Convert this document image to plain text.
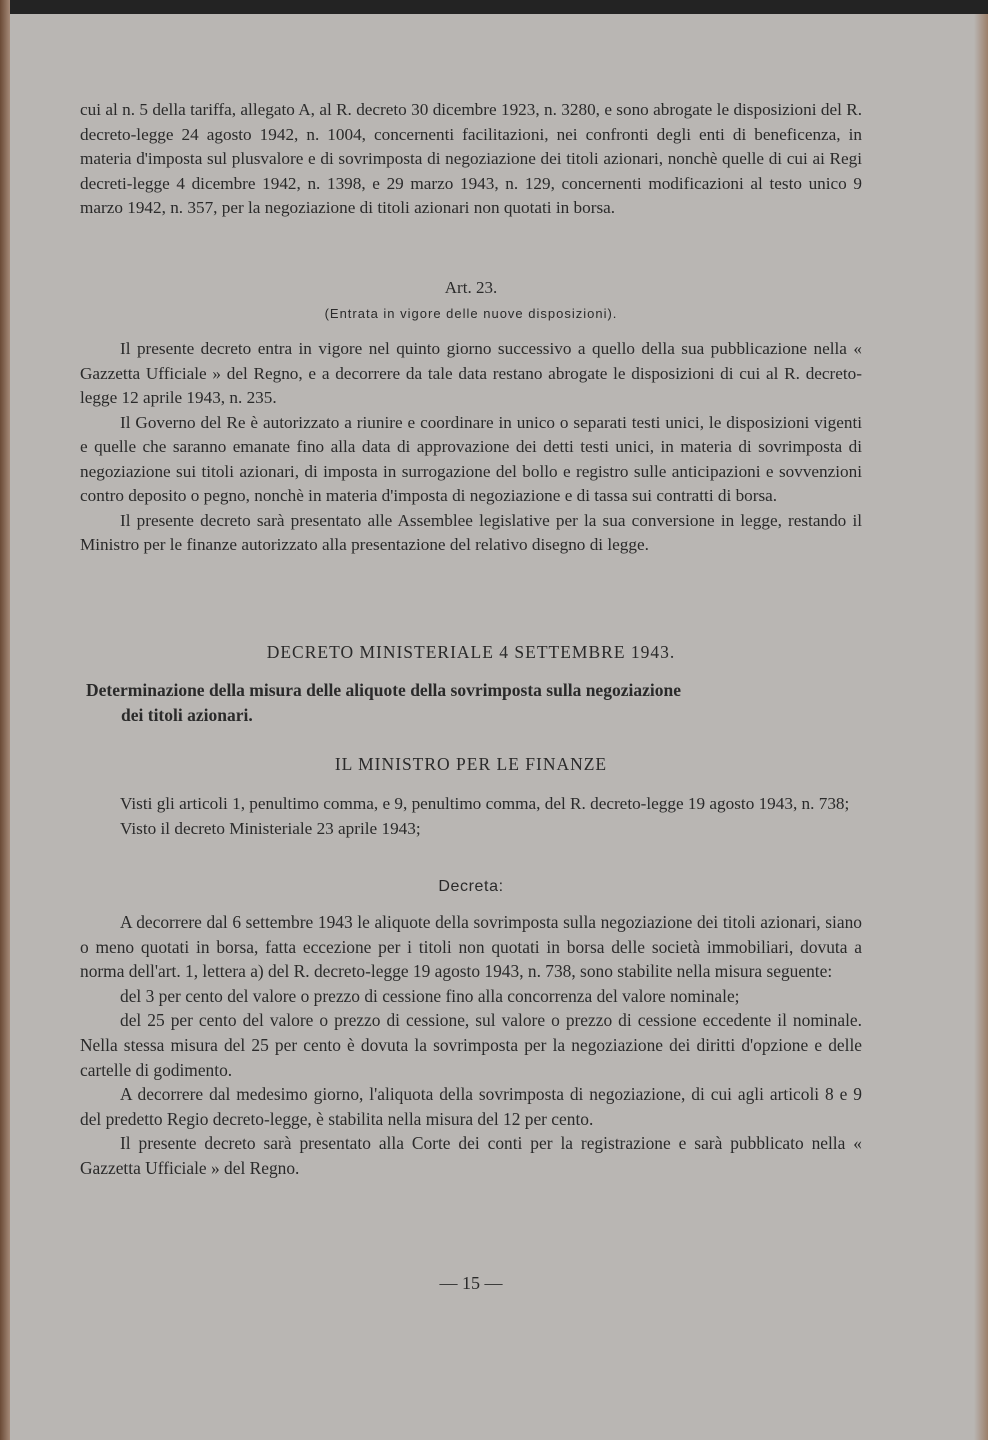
cui al n. 5 della tariffa, allegato A, al R. decreto 30 dicembre 1923, n. 3280, e sono abrogate le disposizioni del R. decreto-legge 24 agosto 1942, n. 1004, concernenti facilitazioni, nei confronti degli enti di beneficenza, in materia d'imposta sul plusvalore e di sovrimposta di negoziazione dei titoli azionari, nonchè quelle di cui ai Regi decreti-legge 4 dicembre 1942, n. 1398, e 29 marzo 1943, n. 129, concernenti modificazioni al testo unico 9 marzo 1942, n. 357, per la negoziazione di titoli azionari non quotati in borsa.

Art. 23.
(Entrata in vigore delle nuove disposizioni).

Il presente decreto entra in vigore nel quinto giorno successivo a quello della sua pubblicazione nella « Gazzetta Ufficiale » del Regno, e a decorrere da tale data restano abrogate le disposizioni di cui al R. decreto-legge 12 aprile 1943, n. 235.

Il Governo del Re è autorizzato a riunire e coordinare in unico o separati testi unici, le disposizioni vigenti e quelle che saranno emanate fino alla data di approvazione dei detti testi unici, in materia di sovrimposta di negoziazione sui titoli azionari, di imposta in surrogazione del bollo e registro sulle anticipazioni e sovvenzioni contro deposito o pegno, nonchè in materia d'imposta di negoziazione e di tassa sui contratti di borsa.

Il presente decreto sarà presentato alle Assemblee legislative per la sua conversione in legge, restando il Ministro per le finanze autorizzato alla presentazione del relativo disegno di legge.

DECRETO MINISTERIALE 4 SETTEMBRE 1943.
Determinazione della misura delle aliquote della sovrimposta sulla negoziazione
dei titoli azionari.
IL MINISTRO PER LE FINANZE

Visti gli articoli 1, penultimo comma, e 9, penultimo comma, del R. decreto-legge 19 agosto 1943, n. 738;

Visto il decreto Ministeriale 23 aprile 1943;

Decreta:

A decorrere dal 6 settembre 1943 le aliquote della sovrimposta sulla negoziazione dei titoli azionari, siano o meno quotati in borsa, fatta eccezione per i titoli non quotati in borsa delle società immobiliari, dovuta a norma dell'art. 1, lettera a) del R. decreto-legge 19 agosto 1943, n. 738, sono stabilite nella misura seguente:

del 3 per cento del valore o prezzo di cessione fino alla concorrenza del valore nominale;

del 25 per cento del valore o prezzo di cessione, sul valore o prezzo di cessione eccedente il nominale. Nella stessa misura del 25 per cento è dovuta la sovrimposta per la negoziazione dei diritti d'opzione e delle cartelle di godimento.

A decorrere dal medesimo giorno, l'aliquota della sovrimposta di negoziazione, di cui agli articoli 8 e 9 del predetto Regio decreto-legge, è stabilita nella misura del 12 per cento.

Il presente decreto sarà presentato alla Corte dei conti per la registrazione e sarà pubblicato nella « Gazzetta Ufficiale » del Regno.

— 15 —
